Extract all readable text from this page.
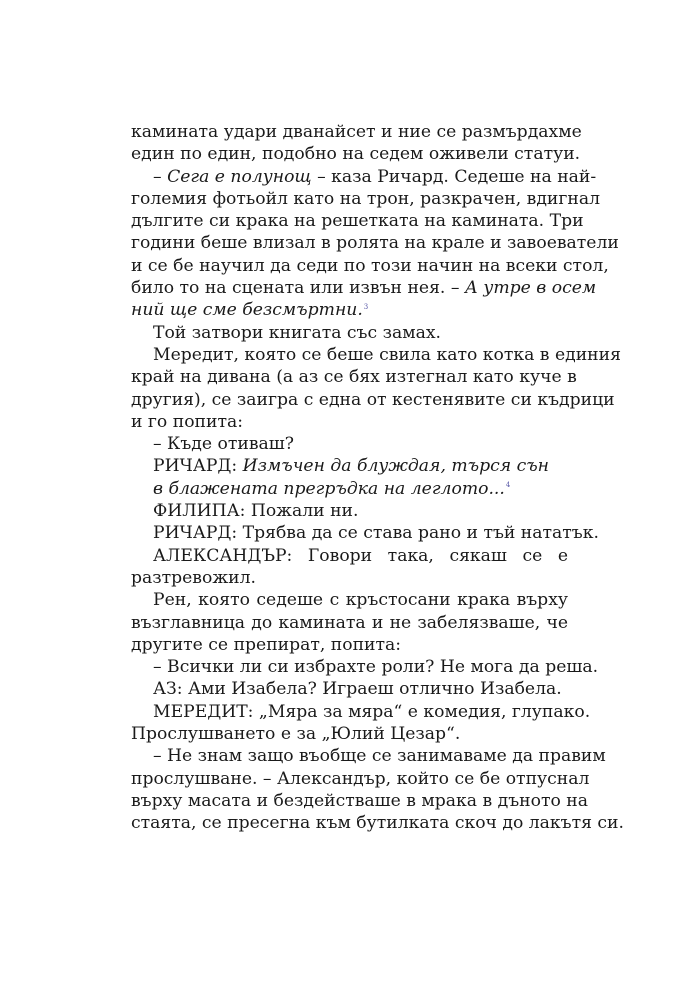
камината удари дванайсет и ние се размърдахме
един по един, подобно на седем оживели статуи.
– Сега е полунощ – каза Ричард. Седеше на най-
големия фотьойл като на трон, разкрачен, вдигнал
дългите си крака на решетката на камината. Три
години беше влизал в ролята на крале и завоеватели
и се бе научил да седи по този начин на всеки стол,
било то на сцената или извън нея. – А утре в осем
ний ще сме безсмъртни.$^3$
Той затвори книгата със замах.
Мередит, която се беше свила като котка в единия
край на дивана (а аз се бях изтегнал като куче в
другия), се заигра с една от кестенявите си къдрици
и го попита:
– Къде отиваш?
РИЧАРД: Измъчен да блуждая, търся сън
в блажената прегръдка на леглото...$^4$
ФИЛИПА: Пожали ни.
РИЧАРД: Трябва да се става рано и тъй нататък.
АЛЕКСАНДЪР: Говори така, сякаш се е
разтревожил.
Рен, която седеше с кръстосани крака върху
възглавница до камината и не забелязваше, че
другите се препират, попита:
– Всички ли си избрахте роли? Не мога да реша.
АЗ: Ами Изабела? Играеш отлично Изабела.
МЕРЕДИТ: „Мяра за мяра“ е комедия, глупако.
Прослушването е за „Юлий Цезар“.
– Не знам защо въобще се занимаваме да правим
прослушване. – Александър, който се бе отпуснал
върху масата и бездействаше в мрака в дъното на
стаята, се пресегна към бутилката скоч до лакътя си.
